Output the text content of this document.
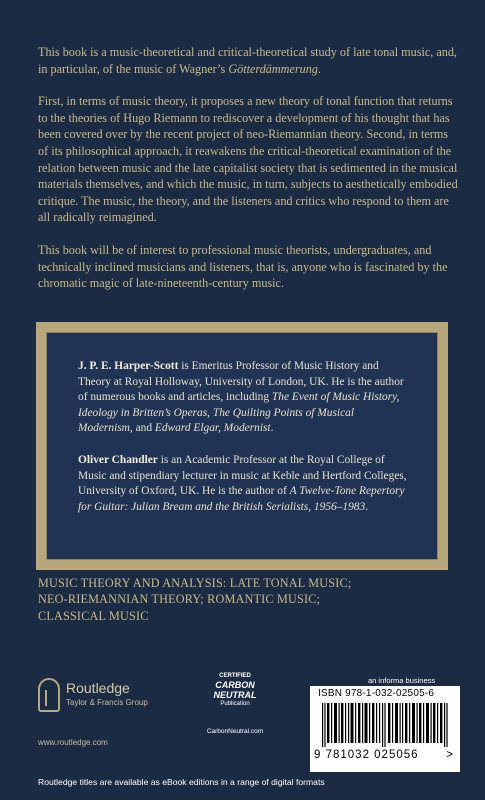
This book is a music-theoretical and critical-theoretical study of late tonal music, and, in particular, of the music of Wagner’s Götterdämmerung.

First, in terms of music theory, it proposes a new theory of tonal function that returns to the theories of Hugo Riemann to rediscover a development of his thought that has been covered over by the recent project of neo-Riemannian theory. Second, in terms of its philosophical approach, it reawakens the critical-theoretical examination of the relation between music and the late capitalist society that is sedimented in the musical materials themselves, and which the music, in turn, subjects to aesthetically embodied critique. The music, the theory, and the listeners and critics who respond to them are all radically reimagined.

This book will be of interest to professional music theorists, undergraduates, and technically inclined musicians and listeners, that is, anyone who is fascinated by the chromatic magic of late-nineteenth-century music.

J. P. E. Harper-Scott is Emeritus Professor of Music History and Theory at Royal Holloway, University of London, UK. He is the author of numerous books and articles, including The Event of Music History, Ideology in Britten’s Operas, The Quilting Points of Musical Modernism, and Edward Elgar, Modernist.
Oliver Chandler is an Academic Professor at the Royal College of Music and stipendiary lecturer in music at Keble and Hertford Colleges, University of Oxford, UK. He is the author of A Twelve-Tone Repertory for Guitar: Julian Bream and the British Serialists, 1956–1983.
MUSIC THEORY AND ANALYSIS: LATE TONAL MUSIC;
NEO-RIEMANNIAN THEORY; ROMANTIC MUSIC;
CLASSICAL MUSIC
Routledge
Taylor & Francis Group
www.routledge.com
CERTIFIED
CARBON NEUTRAL
Publication
CarbonNeutral.com
an informa business
ISBN 978-1-032-02505-6
9 781032 025056 >
Routledge titles are available as eBook editions in a range of digital formats
